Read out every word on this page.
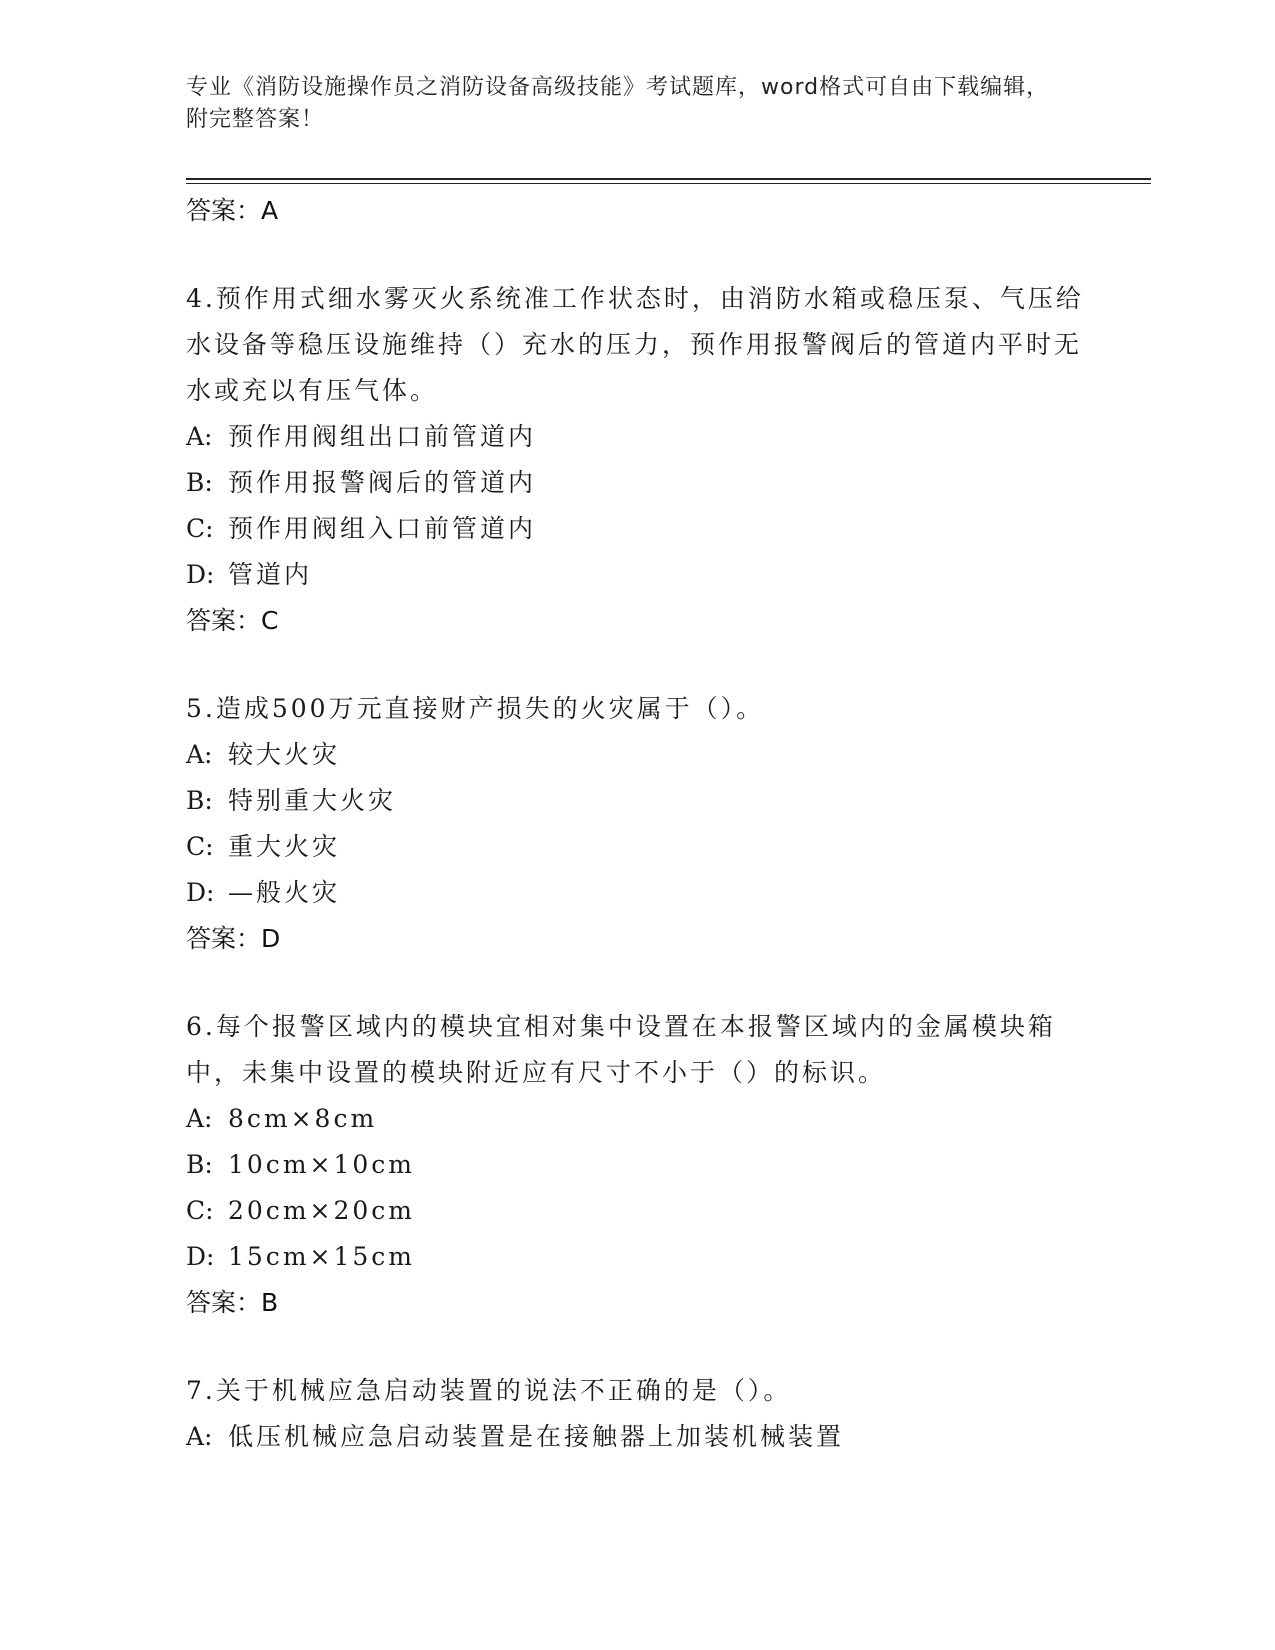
专业《消防设施操作员之消防设备高级技能》考试题库，word格式可自由下载编辑，附完整答案！
答案：A
4.预作用式细水雾灭火系统准工作状态时，由消防水箱或稳压泵、气压给水设备等稳压设施维持（）充水的压力，预作用报警阀后的管道内平时无水或充以有压气体。
A: 预作用阀组出口前管道内
B: 预作用报警阀后的管道内
C: 预作用阀组入口前管道内
D: 管道内
答案：C
5.造成500万元直接财产损失的火灾属于（）。
A: 较大火灾
B: 特别重大火灾
C: 重大火灾
D: —般火灾
答案：D
6.每个报警区域内的模块宜相对集中设置在本报警区域内的金属模块箱中，未集中设置的模块附近应有尺寸不小于（）的标识。
A: 8cm×8cm
B: 10cm×10cm
C: 20cm×20cm
D: 15cm×15cm
答案：B
7.关于机械应急启动装置的说法不正确的是（）。
A: 低压机械应急启动装置是在接触器上加装机械装置
